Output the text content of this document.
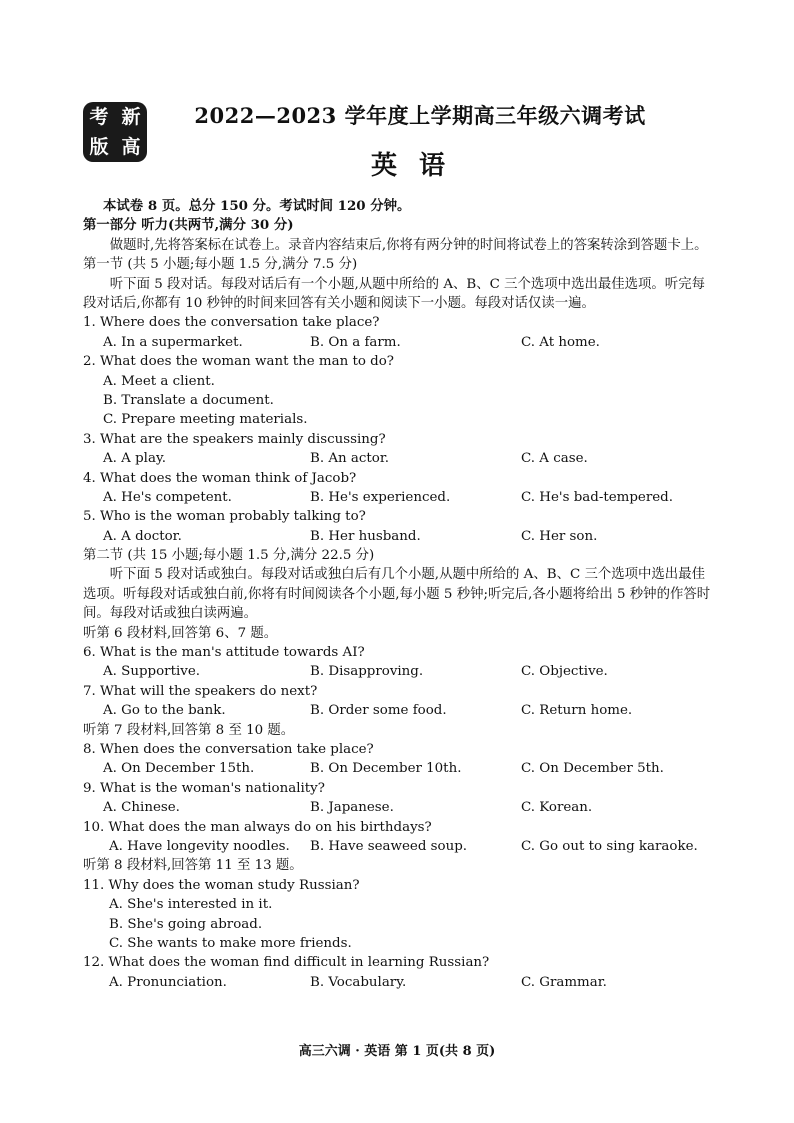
考 新
版 高
2022—2023 学年度上学期高三年级六调考试
英语
本试卷 8 页。总分 150 分。考试时间 120 分钟。
第一部分 听力(共两节,满分 30 分)
做题时,先将答案标在试卷上。录音内容结束后,你将有两分钟的时间将试卷上的答案转涂到答题卡上。
第一节 (共 5 小题;每小题 1.5 分,满分 7.5 分)
听下面 5 段对话。每段对话后有一个小题,从题中所给的 A、B、C 三个选项中选出最佳选项。听完每段对话后,你都有 10 秒钟的时间来回答有关小题和阅读下一小题。每段对话仅读一遍。
1. Where does the conversation take place?
A. In a supermarket.	B. On a farm.	C. At home.
2. What does the woman want the man to do?
A. Meet a client.
B. Translate a document.
C. Prepare meeting materials.
3. What are the speakers mainly discussing?
A. A play.	B. An actor.	C. A case.
4. What does the woman think of Jacob?
A. He's competent.	B. He's experienced.	C. He's bad-tempered.
5. Who is the woman probably talking to?
A. A doctor.	B. Her husband.	C. Her son.
第二节 (共 15 小题;每小题 1.5 分,满分 22.5 分)
听下面 5 段对话或独白。每段对话或独白后有几个小题,从题中所给的 A、B、C 三个选项中选出最佳选项。听每段对话或独白前,你将有时间阅读各个小题,每小题 5 秒钟;听完后,各小题将给出 5 秒钟的作答时间。每段对话或独白读两遍。
听第 6 段材料,回答第 6、7 题。
6. What is the man's attitude towards AI?
A. Supportive.	B. Disapproving.	C. Objective.
7. What will the speakers do next?
A. Go to the bank.	B. Order some food.	C. Return home.
听第 7 段材料,回答第 8 至 10 题。
8. When does the conversation take place?
A. On December 15th.	B. On December 10th.	C. On December 5th.
9. What is the woman's nationality?
A. Chinese.	B. Japanese.	C. Korean.
10. What does the man always do on his birthdays?
A. Have longevity noodles.	B. Have seaweed soup.	C. Go out to sing karaoke.
听第 8 段材料,回答第 11 至 13 题。
11. Why does the woman study Russian?
A. She's interested in it.
B. She's going abroad.
C. She wants to make more friends.
12. What does the woman find difficult in learning Russian?
A. Pronunciation.	B. Vocabulary.	C. Grammar.
高三六调 · 英语 第 1 页(共 8 页)
